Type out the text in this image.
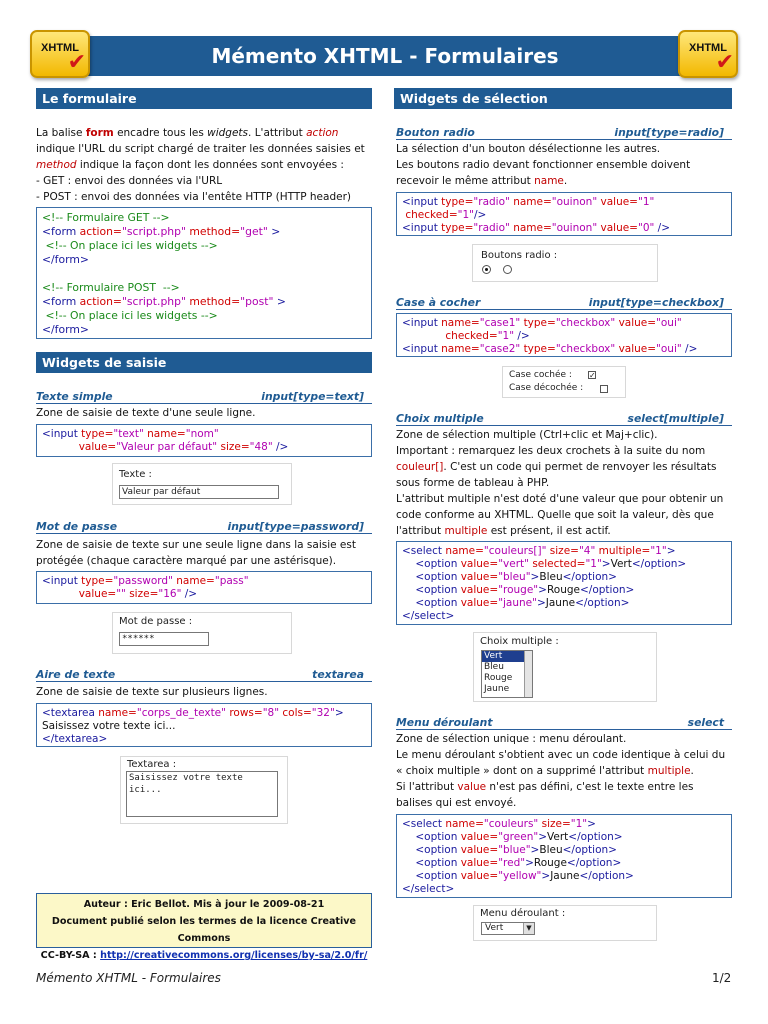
Mémento XHTML - Formulaires
XHTML
✔
XHTML
✔
Le formulaire
La balise form encadre tous les widgets. L'attribut action
indique l'URL du script chargé de traiter les données saisies et
method indique la façon dont les données sont envoyées :
- GET : envoi des données via l'URL
- POST : envoi des données via l'entête HTTP (HTTP header)
<!-- Formulaire GET -->
<form action="script.php" method="get" >
<!-- On place ici les widgets -->
</form>

<!-- Formulaire POST  -->
<form action="script.php" method="post" >
<!-- On place ici les widgets -->
</form>
Widgets de saisie
Texte simple	input[type=text]
Zone de saisie de texte d'une seule ligne.
<input type="text" name="nom"
value="Valeur par défaut" size="48" />
Texte :
Valeur par défaut
Mot de passe	input[type=password]
Zone de saisie de texte sur une seule ligne dans la saisie est
protégée (chaque caractère marqué par une astérisque).
<input type="password" name="pass"
value="" size="16" />
Mot de passe :
******
Aire de texte	textarea
Zone de saisie de texte sur plusieurs lignes.
<textarea name="corps_de_texte" rows="8" cols="32">
Saisissez votre texte ici...
</textarea>
Textarea :
Saisissez votre texte
ici...
Auteur : Eric Bellot. Mis à jour le 2009-08-21
Document publié selon les termes de la licence Creative Commons
CC-BY-SA : http://creativecommons.org/licenses/by-sa/2.0/fr/
Widgets de sélection
Bouton radio	input[type=radio]
La sélection d'un bouton désélectionne les autres.
Les boutons radio devant fonctionner ensemble doivent
recevoir le même attribut name.
<input type="radio" name="ouinon" value="1"
checked="1"/>
<input type="radio" name="ouinon" value="0" />
Boutons radio :
Case à cocher	input[type=checkbox]
<input name="case1" type="checkbox" value="oui"
checked="1" />
<input name="case2" type="checkbox" value="oui" />
Case cochée : ✓
Case décochée :
Choix multiple	select[multiple]
Zone de sélection multiple (Ctrl+clic et Maj+clic).
Important : remarquez les deux crochets à la suite du nom
couleur[]. C'est un code qui permet de renvoyer les résultats
sous forme de tableau à PHP.
L'attribut multiple n'est doté d'une valeur que pour obtenir un
code conforme au XHTML. Quelle que soit la valeur, dès que
l'attribut multiple est présent, il est actif.
<select name="couleurs[]" size="4" multiple="1">
<option value="vert" selected="1">Vert</option>
<option value="bleu">Bleu</option>
<option value="rouge">Rouge</option>
<option value="jaune">Jaune</option>
</select>
Choix multiple :
Vert
Bleu
Rouge
Jaune
Menu déroulant	select
Zone de sélection unique : menu déroulant.
Le menu déroulant s'obtient avec un code identique à celui du
« choix multiple » dont on a supprimé l'attribut multiple.
Si l'attribut value n'est pas défini, c'est le texte entre les
balises qui est envoyé.
<select name="couleurs" size="1">
<option value="green">Vert</option>
<option value="blue">Bleu</option>
<option value="red">Rouge</option>
<option value="yellow">Jaune</option>
</select>
Menu déroulant :
Vert	▼
Mémento XHTML - Formulaires	1/2
